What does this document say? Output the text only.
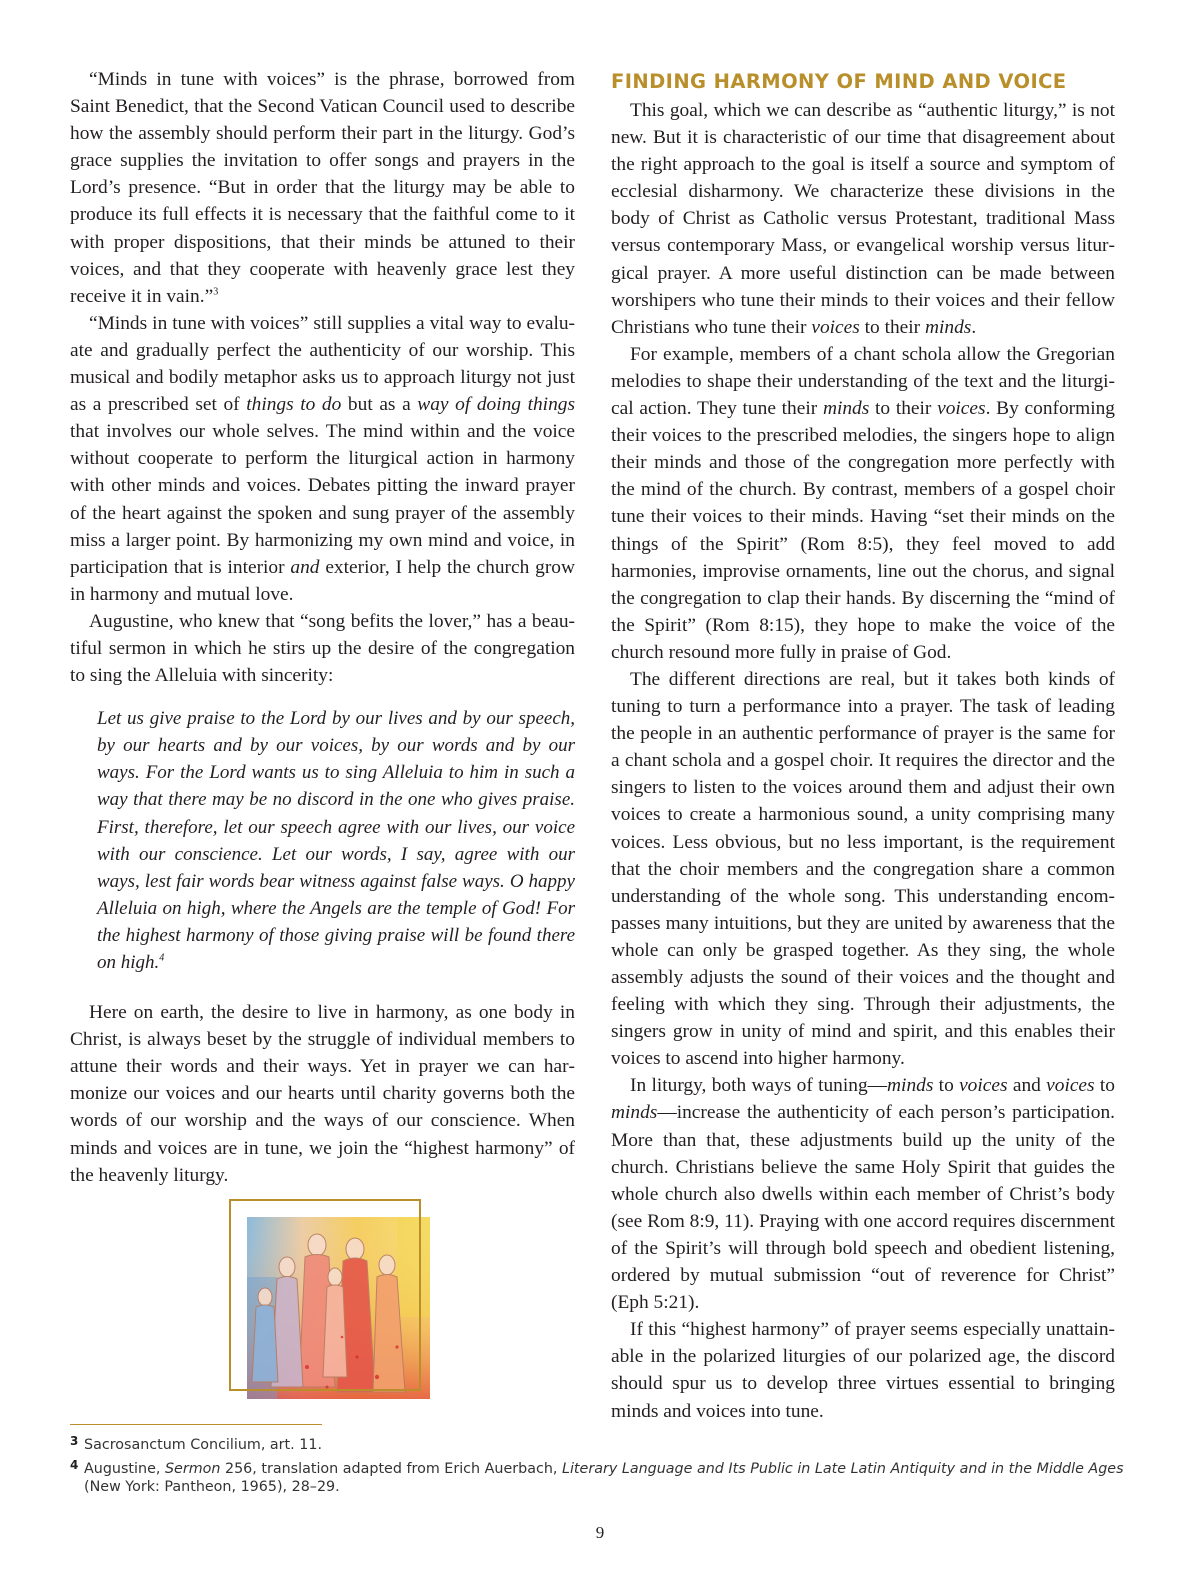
“Minds in tune with voices” is the phrase, borrowed from Saint Benedict, that the Second Vatican Council used to describe how the assembly should perform their part in the liturgy. God’s grace supplies the invitation to offer songs and prayers in the Lord’s presence. “But in order that the liturgy may be able to produce its full effects it is necessary that the faithful come to it with proper dispositions, that their minds be attuned to their voices, and that they cooperate with heavenly grace lest they receive it in vain.”$^3$

“Minds in tune with voices” still supplies a vital way to evaluate and gradually perfect the authenticity of our worship. This musical and bodily metaphor asks us to approach liturgy not just as a prescribed set of things to do but as a way of doing things that involves our whole selves. The mind within and the voice without cooperate to perform the liturgical action in harmony with other minds and voices. Debates pitting the inward prayer of the heart against the spoken and sung prayer of the assembly miss a larger point. By harmonizing my own mind and voice, in participation that is interior and exterior, I help the church grow in harmony and mutual love.

Augustine, who knew that “song befits the lover,” has a beautiful sermon in which he stirs up the desire of the congregation to sing the Alleluia with sincerity:

Let us give praise to the Lord by our lives and by our speech, by our hearts and by our voices, by our words and by our ways. For the Lord wants us to sing Alleluia to him in such a way that there may be no discord in the one who gives praise. First, therefore, let our speech agree with our lives, our voice with our conscience. Let our words, I say, agree with our ways, lest fair words bear witness against false ways. O happy Alleluia on high, where the Angels are the temple of God! For the highest harmony of those giving praise will be found there on high.$^4$

Here on earth, the desire to live in harmony, as one body in Christ, is always beset by the struggle of individual members to attune their words and their ways. Yet in prayer we can harmonize our voices and our hearts until charity governs both the words of our worship and the ways of our conscience. When minds and voices are in tune, we join the “highest harmony” of the heavenly liturgy.

FINDING HARMONY OF MIND AND VOICE

This goal, which we can describe as “authentic liturgy,” is not new. But it is characteristic of our time that disagreement about the right approach to the goal is itself a source and symptom of ecclesial disharmony. We characterize these divisions in the body of Christ as Catholic versus Protestant, traditional Mass versus contemporary Mass, or evangelical worship versus liturgical prayer. A more useful distinction can be made between worshipers who tune their minds to their voices and their fellow Christians who tune their voices to their minds.

For example, members of a chant schola allow the Gregorian melodies to shape their understanding of the text and the liturgical action. They tune their minds to their voices. By conforming their voices to the prescribed melodies, the singers hope to align their minds and those of the congregation more perfectly with the mind of the church. By contrast, members of a gospel choir tune their voices to their minds. Having “set their minds on the things of the Spirit” (Rom 8:5), they feel moved to add harmonies, improvise ornaments, line out the chorus, and signal the congregation to clap their hands. By discerning the “mind of the Spirit” (Rom 8:15), they hope to make the voice of the church resound more fully in praise of God.

The different directions are real, but it takes both kinds of tuning to turn a performance into a prayer. The task of leading the people in an authentic performance of prayer is the same for a chant schola and a gospel choir. It requires the director and the singers to listen to the voices around them and adjust their own voices to create a harmonious sound, a unity comprising many voices. Less obvious, but no less important, is the requirement that the choir members and the congregation share a common understanding of the whole song. This understanding encompasses many intuitions, but they are united by awareness that the whole can only be grasped together. As they sing, the whole assembly adjusts the sound of their voices and the thought and feeling with which they sing. Through their adjustments, the singers grow in unity of mind and spirit, and this enables their voices to ascend into higher harmony.

In liturgy, both ways of tuning—minds to voices and voices to minds—increase the authenticity of each person’s participation. More than that, these adjustments build up the unity of the church. Christians believe the same Holy Spirit that guides the whole church also dwells within each member of Christ’s body (see Rom 8:9, 11). Praying with one accord requires discernment of the Spirit’s will through bold speech and obedient listening, ordered by mutual submission “out of reverence for Christ” (Eph 5:21).

If this “highest harmony” of prayer seems especially unattainable in the polarized liturgies of our polarized age, the discord should spur us to develop three virtues essential to bringing minds and voices into tune.

3 Sacrosanctum Concilium, art. 11.
4 Augustine, Sermon 256, translation adapted from Erich Auerbach, Literary Language and Its Public in Late Latin Antiquity and in the Middle Ages (New York: Pantheon, 1965), 28–29.
9
